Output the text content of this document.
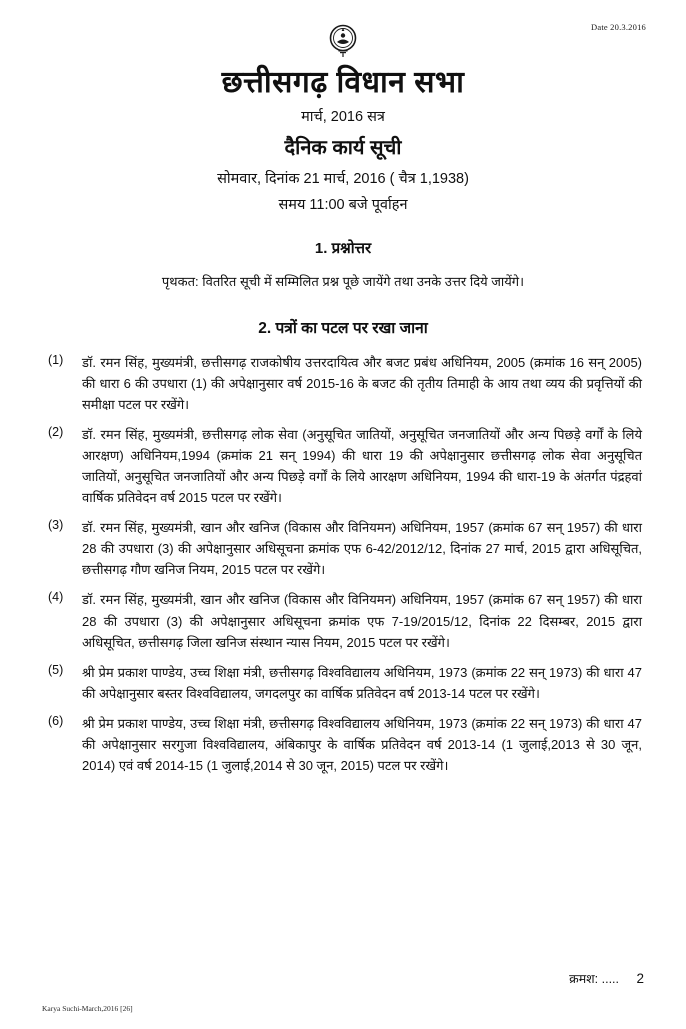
Date 20.3.2016
छत्तीसगढ़ विधान सभा
मार्च, 2016 सत्र
दैनिक कार्य सूची
सोमवार, दिनांक 21 मार्च, 2016 ( चैत्र 1,1938)
समय 11:00 बजे पूर्वाहन
1. प्रश्नोत्तर
पृथकत: वितरित सूची में सम्मिलित प्रश्न पूछे जायेंगे तथा उनके उत्तर दिये जायेंगे।
2. पत्रों का पटल पर रखा जाना
(1)	डॉ. रमन सिंह, मुख्यमंत्री, छत्तीसगढ़ राजकोषीय उत्तरदायित्व और बजट प्रबंध अधिनियम, 2005 (क्रमांक 16 सन् 2005) की धारा 6 की उपधारा (1) की अपेक्षानुसार वर्ष 2015-16 के बजट की तृतीय तिमाही के आय तथा व्यय की प्रवृत्तियों की समीक्षा पटल पर रखेंगे।
(2)	डॉ. रमन सिंह, मुख्यमंत्री, छत्तीसगढ़ लोक सेवा (अनुसूचित जातियों, अनुसूचित जनजातियों और अन्य पिछड़े वर्गों के लिये आरक्षण) अधिनियम,1994 (क्रमांक 21 सन् 1994) की धारा 19 की अपेक्षानुसार छत्तीसगढ़ लोक सेवा अनुसूचित जातियों, अनुसूचित जनजातियों और अन्य पिछड़े वर्गों के लिये आरक्षण अधिनियम, 1994 की धारा-19 के अंतर्गत पंद्रहवां वार्षिक प्रतिवेदन वर्ष 2015 पटल पर रखेंगे।
(3)	डॉ. रमन सिंह, मुख्यमंत्री, खान और खनिज (विकास और विनियमन) अधिनियम, 1957 (क्रमांक 67 सन् 1957) की धारा 28 की उपधारा (3) की अपेक्षानुसार अधिसूचना क्रमांक एफ 6-42/2012/12, दिनांक 27 मार्च, 2015 द्वारा अधिसूचित, छत्तीसगढ़ गौण खनिज नियम, 2015 पटल पर रखेंगे।
(4)	डॉ. रमन सिंह, मुख्यमंत्री, खान और खनिज (विकास और विनियमन) अधिनियम, 1957 (क्रमांक 67 सन् 1957) की धारा 28 की उपधारा (3) की अपेक्षानुसार अधिसूचना क्रमांक एफ 7-19/2015/12, दिनांक 22 दिसम्बर, 2015 द्वारा अधिसूचित, छत्तीसगढ़ जिला खनिज संस्थान न्यास नियम, 2015 पटल पर रखेंगे।
(5)	श्री प्रेम प्रकाश पाण्डेय, उच्च शिक्षा मंत्री, छत्तीसगढ़ विश्वविद्यालय अधिनियम, 1973 (क्रमांक 22 सन् 1973) की धारा 47 की अपेक्षानुसार बस्तर विश्वविद्यालय, जगदलपुर का वार्षिक प्रतिवेदन वर्ष 2013-14 पटल पर रखेंगे।
(6)	श्री प्रेम प्रकाश पाण्डेय, उच्च शिक्षा मंत्री, छत्तीसगढ़ विश्वविद्यालय अधिनियम, 1973 (क्रमांक 22 सन् 1973) की धारा 47 की अपेक्षानुसार सरगुजा विश्वविद्यालय, अंबिकापुर के वार्षिक प्रतिवेदन वर्ष 2013-14 (1 जुलाई,2013 से 30 जून, 2014) एवं वर्ष 2014-15 (1 जुलाई,2014 से 30 जून, 2015) पटल पर रखेंगे।
क्रमश: ..... 2
Karya Suchi-March,2016 [26]
